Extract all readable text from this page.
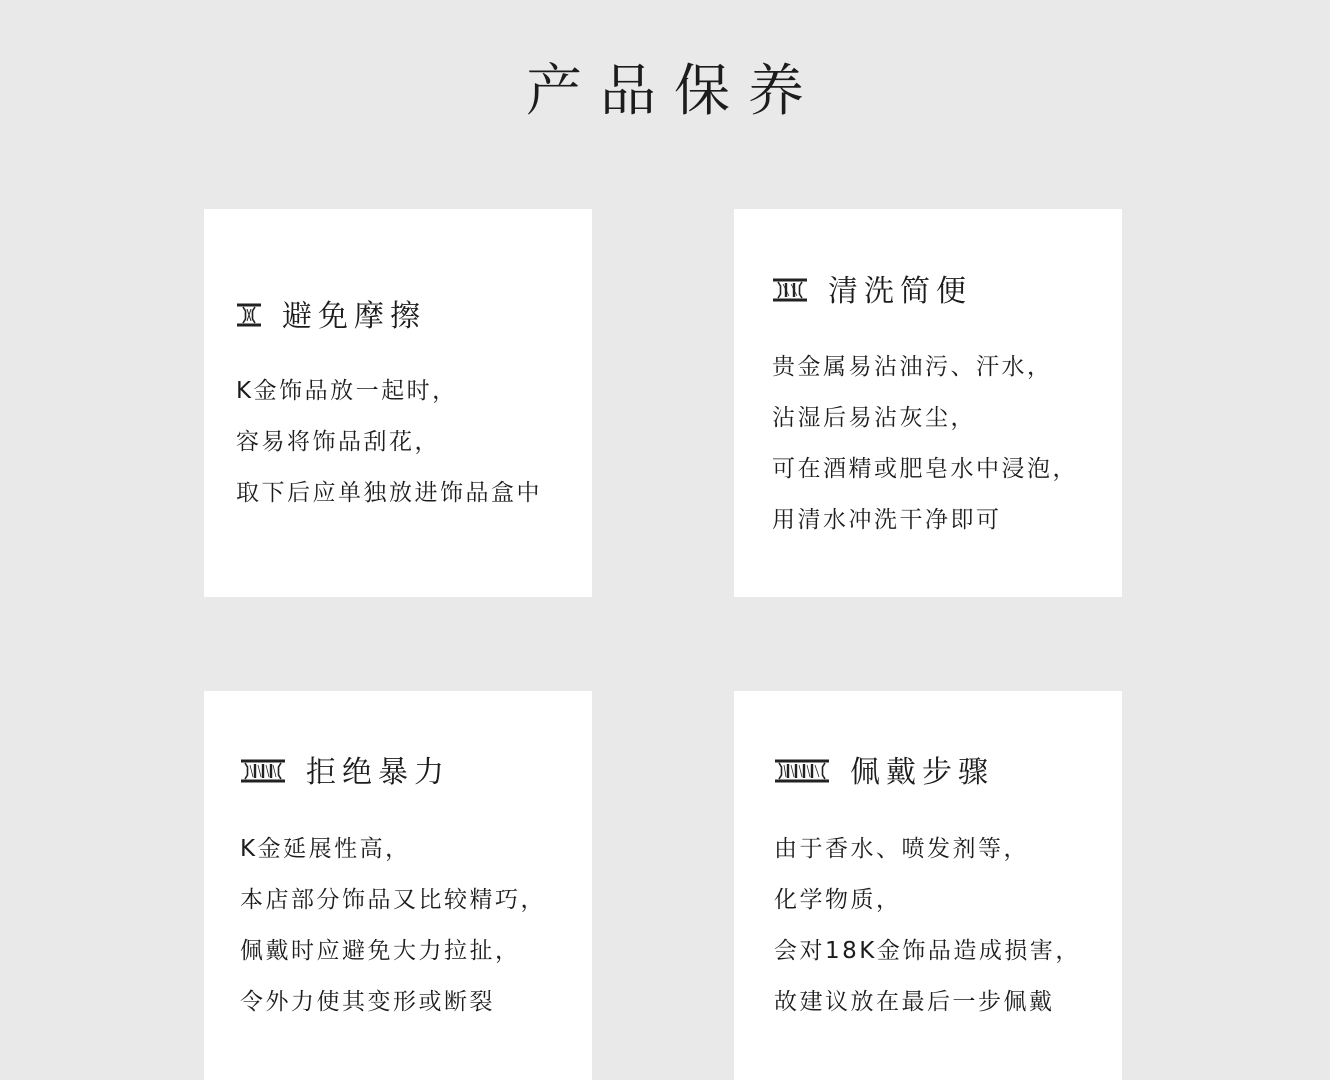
产品保养
避免摩擦
K金饰品放一起时，
容易将饰品刮花，
取下后应单独放进饰品盒中
清洗简便
贵金属易沾油污、汗水，
沾湿后易沾灰尘，
可在酒精或肥皂水中浸泡，
用清水冲洗干净即可
拒绝暴力
K金延展性高，
本店部分饰品又比较精巧，
佩戴时应避免大力拉扯，
令外力使其变形或断裂
佩戴步骤
由于香水、喷发剂等，
化学物质，
会对18K金饰品造成损害，
故建议放在最后一步佩戴
